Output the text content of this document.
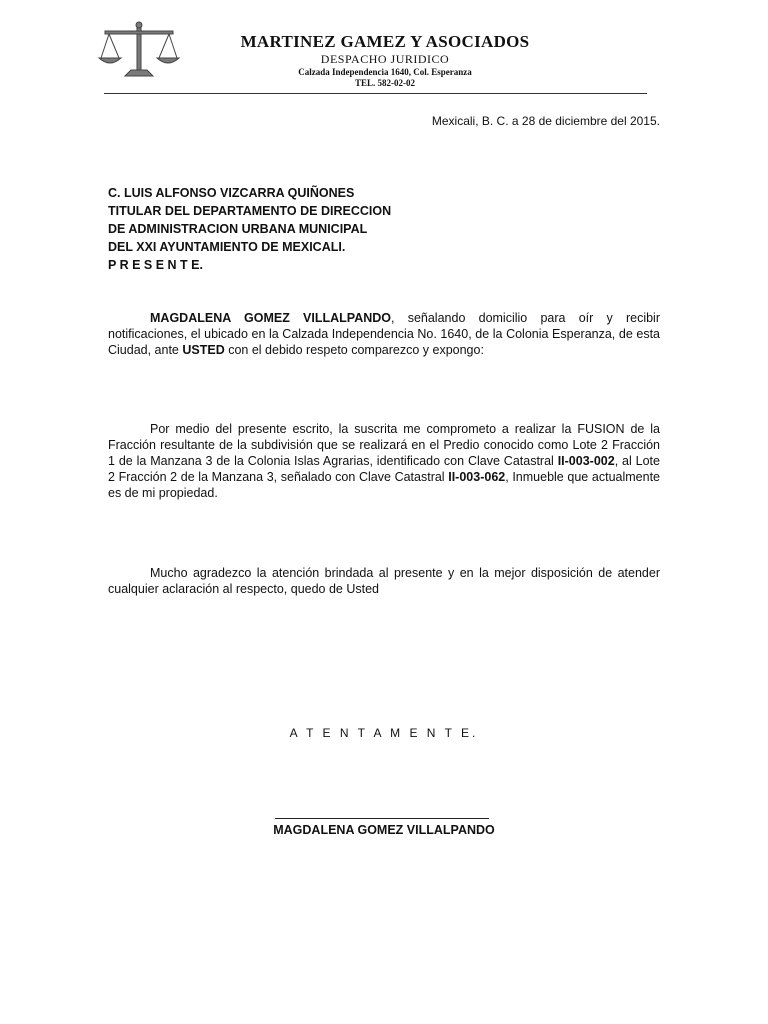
MARTINEZ GAMEZ Y ASOCIADOS
DESPACHO JURIDICO
Calzada Independencia 1640, Col. Esperanza
TEL. 582-02-02
Mexicali, B. C. a 28 de diciembre del 2015.
C. LUIS ALFONSO VIZCARRA QUIÑONES
TITULAR DEL DEPARTAMENTO DE DIRECCION
DE ADMINISTRACION URBANA MUNICIPAL
DEL XXI AYUNTAMIENTO DE MEXICALI.
P R E S E N T E.

MAGDALENA GOMEZ VILLALPANDO, señalando domicilio para oír y recibir notificaciones, el ubicado en la Calzada Independencia No. 1640, de la Colonia Esperanza, de esta Ciudad, ante USTED con el debido respeto comparezco y expongo:

Por medio del presente escrito, la suscrita me comprometo a realizar la FUSION de la Fracción resultante de la subdivisión que se realizará en el Predio conocido como Lote 2 Fracción 1 de la Manzana 3 de la Colonia Islas Agrarias, identificado con Clave Catastral II-003-002, al Lote 2 Fracción 2 de la Manzana 3, señalado con Clave Catastral II-003-062, Inmueble que actualmente es de mi propiedad.

Mucho agradezco la atención brindada al presente y en la mejor disposición de atender cualquier aclaración al respecto, quedo de Usted

A T E N T A M E N T E.
MAGDALENA GOMEZ VILLALPANDO
